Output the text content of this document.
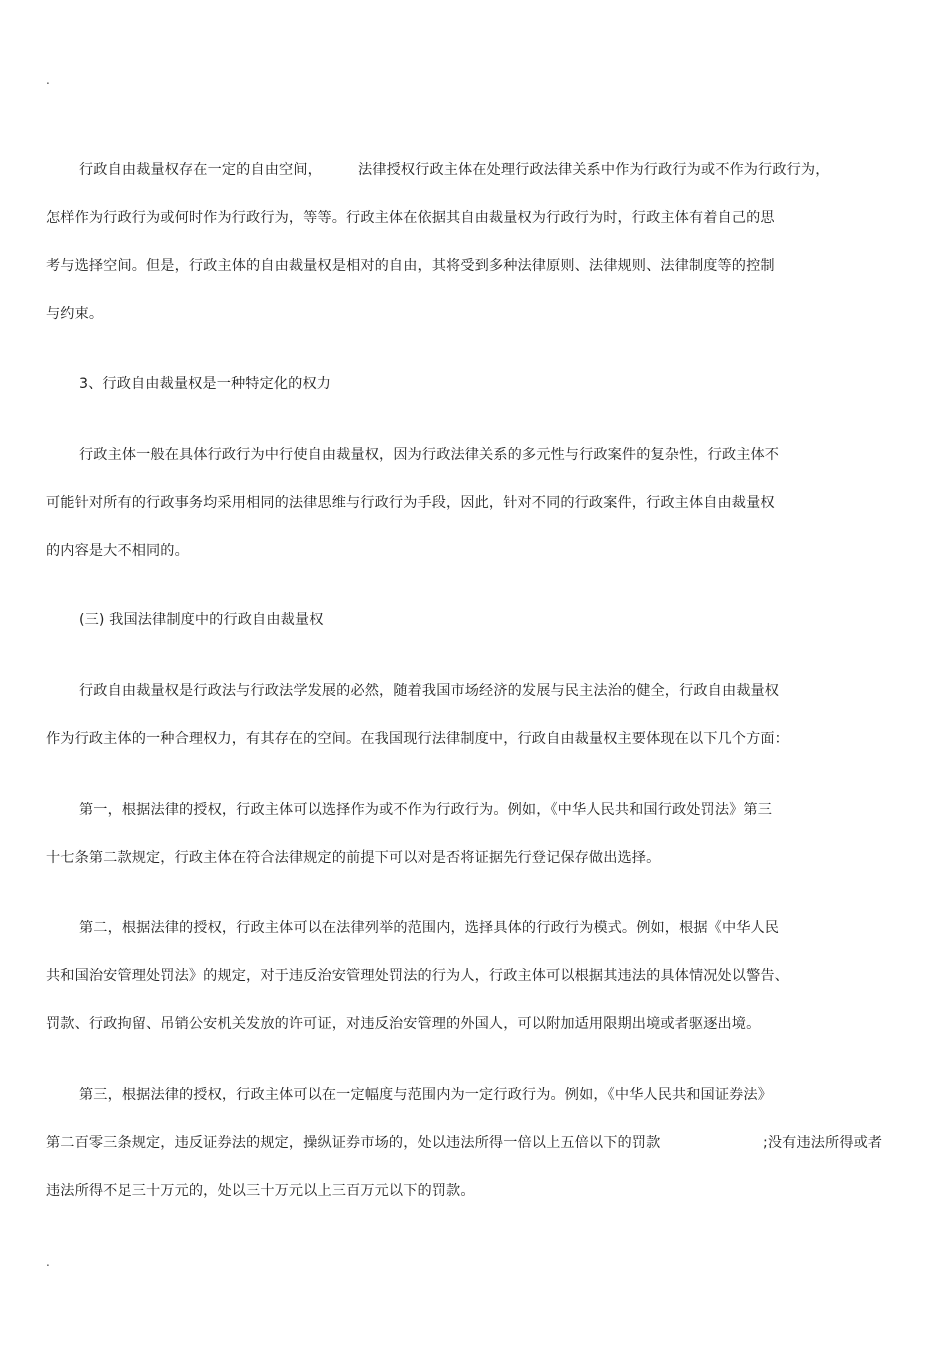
.
行政自由裁量权存在一定的自由空间，	法律授权行政主体在处理行政法律关系中作为行政行为或不作为行政行为，
怎样作为行政行为或何时作为行政行为，等等。行政主体在依据其自由裁量权为行政行为时，行政主体有着自己的思
考与选择空间。但是，行政主体的自由裁量权是相对的自由，其将受到多种法律原则、法律规则、法律制度等的控制
与约束。
3、行政自由裁量权是一种特定化的权力
行政主体一般在具体行政行为中行使自由裁量权，因为行政法律关系的多元性与行政案件的复杂性，行政主体不
可能针对所有的行政事务均采用相同的法律思维与行政行为手段，因此，针对不同的行政案件，行政主体自由裁量权
的内容是大不相同的。
(三) 我国法律制度中的行政自由裁量权
行政自由裁量权是行政法与行政法学发展的必然，随着我国市场经济的发展与民主法治的健全，行政自由裁量权
作为行政主体的一种合理权力，有其存在的空间。在我国现行法律制度中，行政自由裁量权主要体现在以下几个方面：
第一，根据法律的授权，行政主体可以选择作为或不作为行政行为。例如，《中华人民共和国行政处罚法》第三
十七条第二款规定，行政主体在符合法律规定的前提下可以对是否将证据先行登记保存做出选择。
第二，根据法律的授权，行政主体可以在法律列举的范围内，选择具体的行政行为模式。例如，根据《中华人民
共和国治安管理处罚法》的规定，对于违反治安管理处罚法的行为人，行政主体可以根据其违法的具体情况处以警告、
罚款、行政拘留、吊销公安机关发放的许可证，对违反治安管理的外国人，可以附加适用限期出境或者驱逐出境。
第三，根据法律的授权，行政主体可以在一定幅度与范围内为一定行政行为。例如，《中华人民共和国证券法》
第二百零三条规定，违反证券法的规定，操纵证券市场的，处以违法所得一倍以上五倍以下的罚款	;没有违法所得或者
违法所得不足三十万元的，处以三十万元以上三百万元以下的罚款。
.
